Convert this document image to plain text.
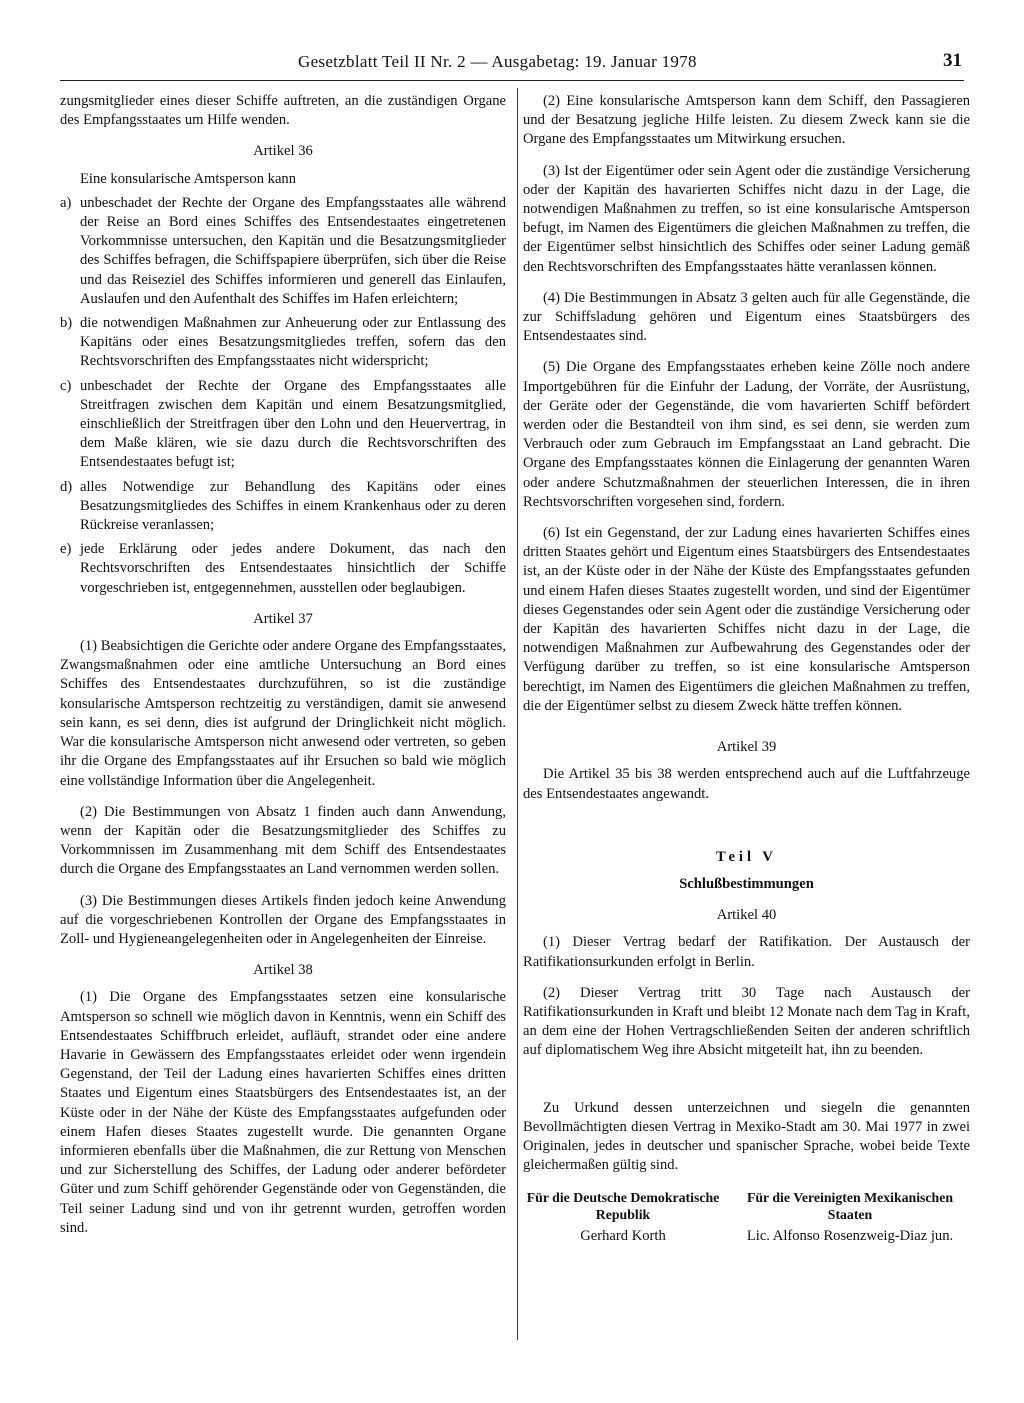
Gesetzblatt Teil II Nr. 2 — Ausgabetag: 19. Januar 1978	31

zungsmitglieder eines dieser Schiffe auftreten, an die zuständigen Organe des Empfangsstaates um Hilfe wenden.

Artikel 36

Eine konsularische Amtsperson kann

a) unbeschadet der Rechte der Organe des Empfangsstaates alle während der Reise an Bord eines Schiffes des Entsendestaates eingetretenen Vorkommnisse untersuchen, den Kapitän und die Besatzungsmitglieder des Schiffes befragen, die Schiffspapiere überprüfen, sich über die Reise und das Reiseziel des Schiffes informieren und generell das Einlaufen, Auslaufen und den Aufenthalt des Schiffes im Hafen erleichtern;
b) die notwendigen Maßnahmen zur Anheuerung oder zur Entlassung des Kapitäns oder eines Besatzungsmitgliedes treffen, sofern das den Rechtsvorschriften des Empfangsstaates nicht widerspricht;
c) unbeschadet der Rechte der Organe des Empfangsstaates alle Streitfragen zwischen dem Kapitän und einem Besatzungsmitglied, einschließlich der Streitfragen über den Lohn und den Heuervertrag, in dem Maße klären, wie sie dazu durch die Rechtsvorschriften des Entsendestaates befugt ist;
d) alles Notwendige zur Behandlung des Kapitäns oder eines Besatzungsmitgliedes des Schiffes in einem Krankenhaus oder zu deren Rückreise veranlassen;
e) jede Erklärung oder jedes andere Dokument, das nach den Rechtsvorschriften des Entsendestaates hinsichtlich der Schiffe vorgeschrieben ist, entgegennehmen, ausstellen oder beglaubigen.
Artikel 37

(1) Beabsichtigen die Gerichte oder andere Organe des Empfangsstaates, Zwangsmaßnahmen oder eine amtliche Untersuchung an Bord eines Schiffes des Entsendestaates durchzuführen, so ist die zuständige konsularische Amtsperson rechtzeitig zu verständigen, damit sie anwesend sein kann, es sei denn, dies ist aufgrund der Dringlichkeit nicht möglich. War die konsularische Amtsperson nicht anwesend oder vertreten, so geben ihr die Organe des Empfangsstaates auf ihr Ersuchen so bald wie möglich eine vollständige Information über die Angelegenheit.

(2) Die Bestimmungen von Absatz 1 finden auch dann Anwendung, wenn der Kapitän oder die Besatzungsmitglieder des Schiffes zu Vorkommnissen im Zusammenhang mit dem Schiff des Entsendestaates durch die Organe des Empfangsstaates an Land vernommen werden sollen.

(3) Die Bestimmungen dieses Artikels finden jedoch keine Anwendung auf die vorgeschriebenen Kontrollen der Organe des Empfangsstaates in Zoll- und Hygieneangelegenheiten oder in Angelegenheiten der Einreise.

Artikel 38

(1) Die Organe des Empfangsstaates setzen eine konsularische Amtsperson so schnell wie möglich davon in Kenntnis, wenn ein Schiff des Entsendestaates Schiffbruch erleidet, aufläuft, strandet oder eine andere Havarie in Gewässern des Empfangsstaates erleidet oder wenn irgendein Gegenstand, der Teil der Ladung eines havarierten Schiffes eines dritten Staates und Eigentum eines Staatsbürgers des Entsendestaates ist, an der Küste oder in der Nähe der Küste des Empfangsstaates aufgefunden oder einem Hafen dieses Staates zugestellt wurde. Die genannten Organe informieren ebenfalls über die Maßnahmen, die zur Rettung von Menschen und zur Sicherstellung des Schiffes, der Ladung oder anderer befördeter Güter und zum Schiff gehörender Gegenstände oder von Gegenständen, die Teil seiner Ladung sind und von ihr getrennt wurden, getroffen worden sind.

(2) Eine konsularische Amtsperson kann dem Schiff, den Passagieren und der Besatzung jegliche Hilfe leisten. Zu diesem Zweck kann sie die Organe des Empfangsstaates um Mitwirkung ersuchen.

(3) Ist der Eigentümer oder sein Agent oder die zuständige Versicherung oder der Kapitän des havarierten Schiffes nicht dazu in der Lage, die notwendigen Maßnahmen zu treffen, so ist eine konsularische Amtsperson befugt, im Namen des Eigentümers die gleichen Maßnahmen zu treffen, die der Eigentümer selbst hinsichtlich des Schiffes oder seiner Ladung gemäß den Rechtsvorschriften des Empfangsstaates hätte veranlassen können.

(4) Die Bestimmungen in Absatz 3 gelten auch für alle Gegenstände, die zur Schiffsladung gehören und Eigentum eines Staatsbürgers des Entsendestaates sind.

(5) Die Organe des Empfangsstaates erheben keine Zölle noch andere Importgebühren für die Einfuhr der Ladung, der Vorräte, der Ausrüstung, der Geräte oder der Gegenstände, die vom havarierten Schiff befördert werden oder die Bestandteil von ihm sind, es sei denn, sie werden zum Verbrauch oder zum Gebrauch im Empfangsstaat an Land gebracht. Die Organe des Empfangsstaates können die Einlagerung der genannten Waren oder andere Schutzmaßnahmen der steuerlichen Interessen, die in ihren Rechtsvorschriften vorgesehen sind, fordern.

(6) Ist ein Gegenstand, der zur Ladung eines havarierten Schiffes eines dritten Staates gehört und Eigentum eines Staatsbürgers des Entsendestaates ist, an der Küste oder in der Nähe der Küste des Empfangsstaates gefunden und einem Hafen dieses Staates zugestellt worden, und sind der Eigentümer dieses Gegenstandes oder sein Agent oder die zuständige Versicherung oder der Kapitän des havarierten Schiffes nicht dazu in der Lage, die notwendigen Maßnahmen zur Aufbewahrung des Gegenstandes oder der Verfügung darüber zu treffen, so ist eine konsularische Amtsperson berechtigt, im Namen des Eigentümers die gleichen Maßnahmen zu treffen, die der Eigentümer selbst zu diesem Zweck hätte treffen können.

Artikel 39

Die Artikel 35 bis 38 werden entsprechend auch auf die Luftfahrzeuge des Entsendestaates angewandt.

Teil V
Schlußbestimmungen
Artikel 40

(1) Dieser Vertrag bedarf der Ratifikation. Der Austausch der Ratifikationsurkunden erfolgt in Berlin.

(2) Dieser Vertrag tritt 30 Tage nach Austausch der Ratifikationsurkunden in Kraft und bleibt 12 Monate nach dem Tag in Kraft, an dem eine der Hohen Vertragschließenden Seiten der anderen schriftlich auf diplomatischem Weg ihre Absicht mitgeteilt hat, ihn zu beenden.

Zu Urkund dessen unterzeichnen und siegeln die genannten Bevollmächtigten diesen Vertrag in Mexiko-Stadt am 30. Mai 1977 in zwei Originalen, jedes in deutscher und spanischer Sprache, wobei beide Texte gleichermaßen gültig sind.

Für die Deutsche Demokratische Republik
Gerhard Korth
Für die Vereinigten Mexikanischen Staaten
Lic. Alfonso Rosenzweig-Diaz jun.
